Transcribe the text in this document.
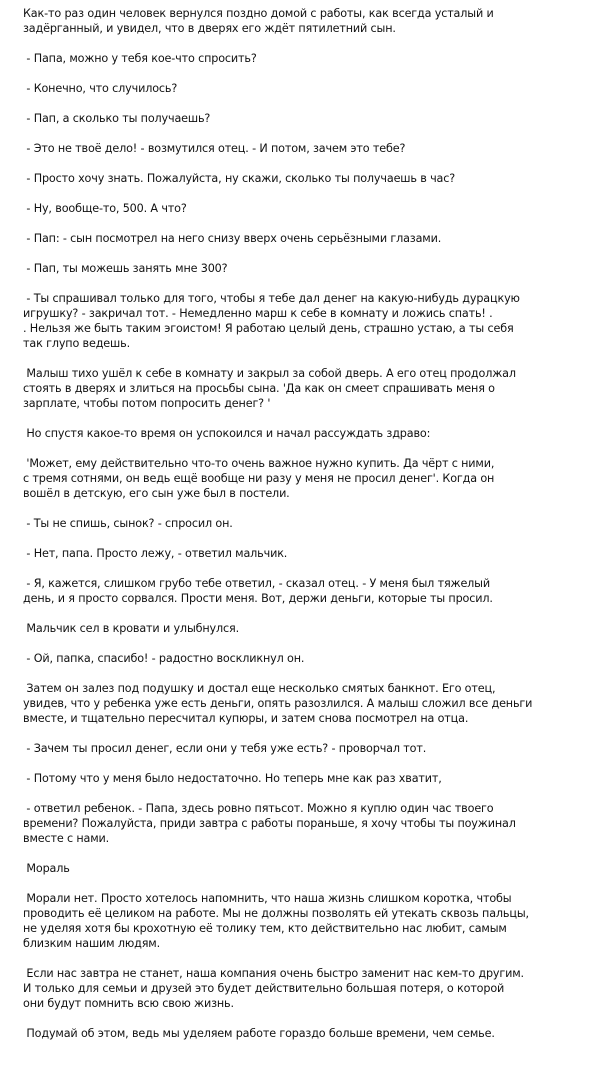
Как-то раз один человек вернулся поздно домой с работы, как всегда усталый и
задёрганный, и увидел, что в дверях его ждёт пятилетний сын.

- Папа, можно у тебя кое-что спросить?

- Конечно, что случилось?

- Пап, а сколько ты получаешь?

- Это не твоё дело! - возмутился отец. - И потом, зачем это тебе?

- Просто хочу знать. Пожалуйста, ну скажи, сколько ты получаешь в час?

- Ну, вообще-то, 500. А что?

- Пап: - сын посмотрел на него снизу вверх очень серьёзными глазами.

- Пап, ты можешь занять мне 300?

- Ты спрашивал только для того, чтобы я тебе дал денег на какую-нибудь дурацкую
игрушку? - закричал тот. - Немедленно марш к себе в комнату и ложись спать! .
. Нельзя же быть таким эгоистом! Я работаю целый день, страшно устаю, а ты себя
так глупо ведешь.

Малыш тихо ушёл к себе в комнату и закрыл за собой дверь. А его отец продолжал
стоять в дверях и злиться на просьбы сына. 'Да как он смеет спрашивать меня о
зарплате, чтобы потом попросить денег? '

Но спустя какое-то время он успокоился и начал рассуждать здраво:

'Может, ему действительно что-то очень важное нужно купить. Да чёрт с ними,
с тремя сотнями, он ведь ещё вообще ни разу у меня не просил денег'. Когда он
вошёл в детскую, его сын уже был в постели.

- Ты не спишь, сынок? - спросил он.

- Нет, папа. Просто лежу, - ответил мальчик.

- Я, кажется, слишком грубо тебе ответил, - сказал отец. - У меня был тяжелый
день, и я просто сорвался. Прости меня. Вот, держи деньги, которые ты просил.

Мальчик сел в кровати и улыбнулся.

- Ой, папка, спасибо! - радостно воскликнул он.

Затем он залез под подушку и достал еще несколько смятых банкнот. Его отец,
увидев, что у ребенка уже есть деньги, опять разозлился. А малыш сложил все деньги
вместе, и тщательно пересчитал купюры, и затем снова посмотрел на отца.

- Зачем ты просил денег, если они у тебя уже есть? - проворчал тот.

- Потому что у меня было недостаточно. Но теперь мне как раз хватит,

- ответил ребенок. - Папа, здесь ровно пятьсот. Можно я куплю один час твоего
времени? Пожалуйста, приди завтра с работы пораньше, я хочу чтобы ты поужинал
вместе с нами.

Мораль

Морали нет. Просто хотелось напомнить, что наша жизнь слишком коротка, чтобы
проводить её целиком на работе. Мы не должны позволять ей утекать сквозь пальцы,
не уделяя хотя бы крохотную её толику тем, кто действительно нас любит, самым
близким нашим людям.

Если нас завтра не станет, наша компания очень быстро заменит нас кем-то другим.
И только для семьи и друзей это будет действительно большая потеря, о которой
они будут помнить всю свою жизнь.

Подумай об этом, ведь мы уделяем работе гораздо больше времени, чем семье.
